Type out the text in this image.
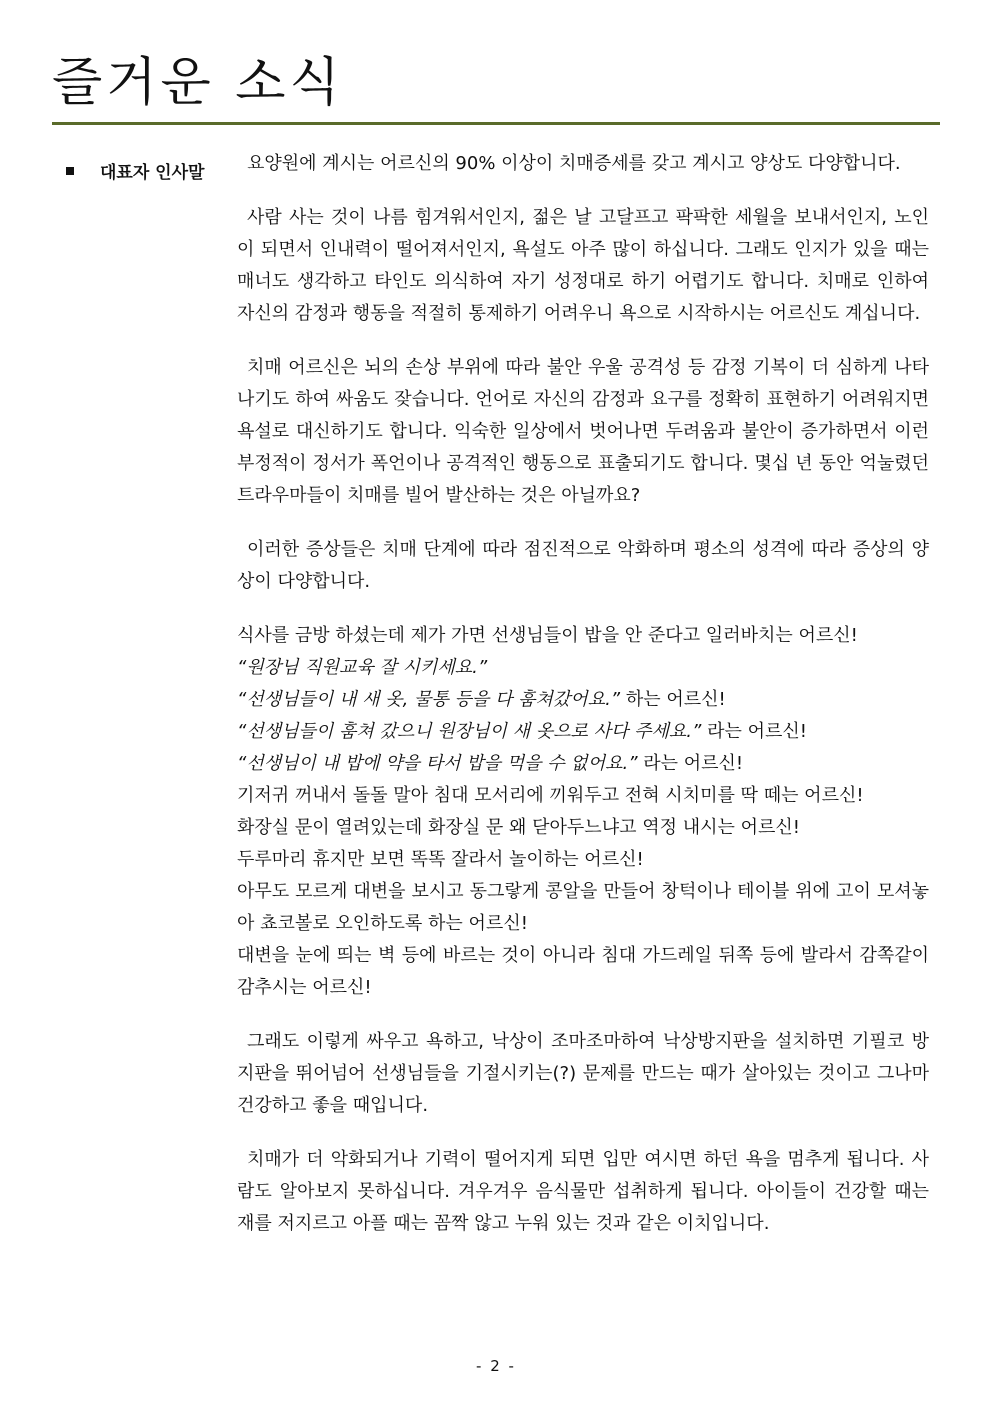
즐거운 소식
대표자 인사말	요양원에 계시는 어르신의 90% 이상이 치매증세를 갖고 계시고 양상도 다양합니다.

사람 사는 것이 나름 힘겨워서인지, 젊은 날 고달프고 팍팍한 세월을 보내서인지, 노인이 되면서 인내력이 떨어져서인지, 욕설도 아주 많이 하십니다. 그래도 인지가 있을 때는 매너도 생각하고 타인도 의식하여 자기 성정대로 하기 어렵기도 합니다. 치매로 인하여 자신의 감정과 행동을 적절히 통제하기 어려우니 욕으로 시작하시는 어르신도 계십니다.

치매 어르신은 뇌의 손상 부위에 따라 불안 우울 공격성 등 감정 기복이 더 심하게 나타나기도 하여 싸움도 잦습니다. 언어로 자신의 감정과 요구를 정확히 표현하기 어려워지면 욕설로 대신하기도 합니다. 익숙한 일상에서 벗어나면 두려움과 불안이 증가하면서 이런 부정적이 정서가 폭언이나 공격적인 행동으로 표출되기도 합니다. 몇십 년 동안 억눌렸던 트라우마들이 치매를 빌어 발산하는 것은 아닐까요?

이러한 증상들은 치매 단계에 따라 점진적으로 악화하며 평소의 성격에 따라 증상의 양상이 다양합니다.

식사를 금방 하셨는데 제가 가면 선생님들이 밥을 안 준다고 일러바치는 어르신!
“원장님 직원교육 잘 시키세요.”
“선생님들이 내 새 옷, 물통 등을 다 훔쳐갔어요.” 하는 어르신!
“선생님들이 훔쳐 갔으니 원장님이 새 옷으로 사다 주세요.” 라는 어르신!
“선생님이 내 밥에 약을 타서 밥을 먹을 수 없어요.” 라는 어르신!
기저귀 꺼내서 돌돌 말아 침대 모서리에 끼워두고 전혀 시치미를 딱 떼는 어르신!
화장실 문이 열려있는데 화장실 문 왜 닫아두느냐고 역정 내시는 어르신!
두루마리 휴지만 보면 똑똑 잘라서 놀이하는 어르신!
아무도 모르게 대변을 보시고 동그랗게 콩알을 만들어 창턱이나 테이블 위에 고이 모셔놓아 쵸코볼로 오인하도록 하는 어르신!
대변을 눈에 띄는 벽 등에 바르는 것이 아니라 침대 가드레일 뒤쪽 등에 발라서 감쪽같이 감추시는 어르신!

그래도 이렇게 싸우고 욕하고, 낙상이 조마조마하여 낙상방지판을 설치하면 기필코 방지판을 뛰어넘어 선생님들을 기절시키는(?) 문제를 만드는 때가 살아있는 것이고 그나마 건강하고 좋을 때입니다.

치매가 더 악화되거나 기력이 떨어지게 되면 입만 여시면 하던 욕을 멈추게 됩니다. 사람도 알아보지 못하십니다. 겨우겨우 음식물만 섭취하게 됩니다. 아이들이 건강할 때는 재를 저지르고 아플 때는 꼼짝 않고 누워 있는 것과 같은 이치입니다.

- 2 -
